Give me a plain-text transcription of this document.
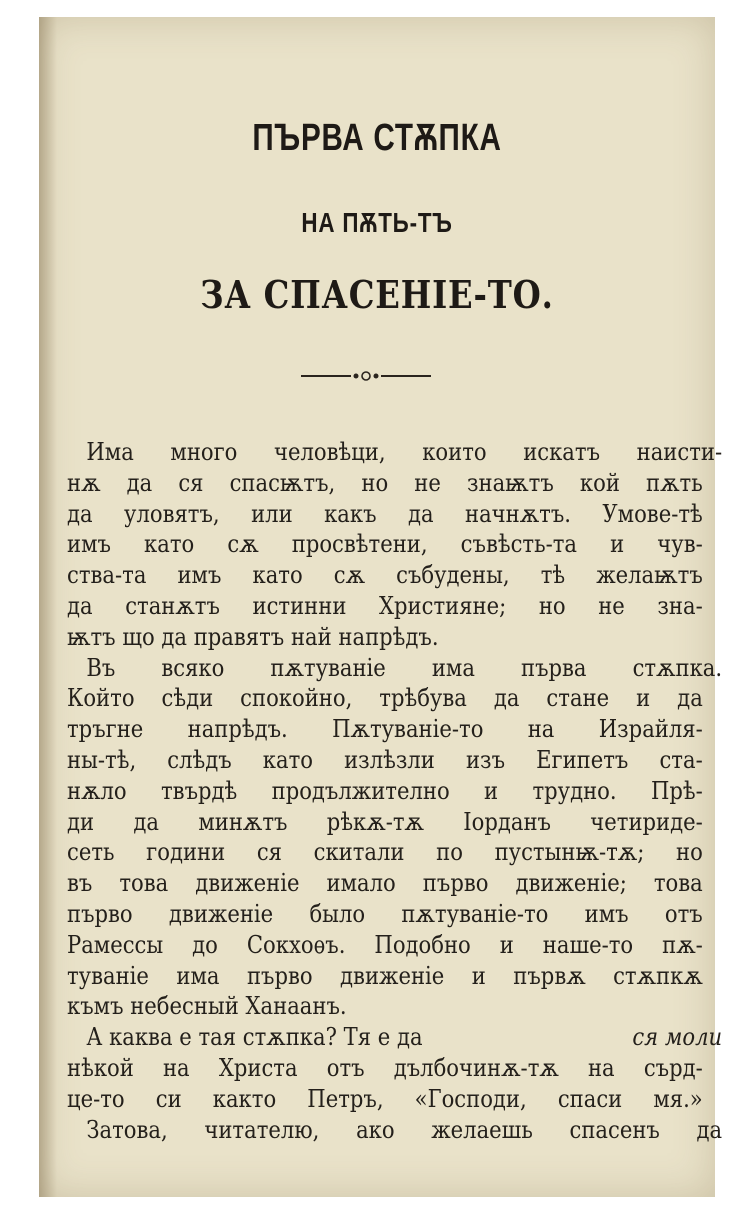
ПЪРВА СТѪПКА
НА ПѪТЬ-ТЪ
ЗА СПАСЕНІЕ-ТО.
Има много человѣци, които искатъ наисти-
нѫ да ся спасѭтъ, но не знаѭтъ кой пѫть
да уловятъ, или какъ да начнѫтъ. Умове-тѣ
имъ като сѫ просвѣтени, съвѣсть-та и чув-
ства-та имъ като сѫ събудены, тѣ желаѭтъ
да станѫтъ истинни Християне; но не зна-
ѭтъ що да правятъ най напрѣдъ.
Въ всяко пѫтуваніе има първа стѫпка.
Който сѣди спокойно, трѣбува да стане и да
тръгне напрѣдъ. Пѫтуваніе-то на Израйля-
ны-тѣ, слѣдъ като излѣзли изъ Египетъ ста-
нѫло твърдѣ продължително и трудно. Прѣ-
ди да минѫтъ рѣкѫ-тѫ Іорданъ четириде-
сеть години ся скитали по пустынѭ-тѫ; но
въ това движеніе имало първо движеніе; това
първо движеніе было пѫтуваніе-то имъ отъ
Рамессы до Сокхоѳъ. Подобно и наше-то пѫ-
туваніе има първо движеніе и първѫ стѫпкѫ
къмъ небесный Ханаанъ.
А каква е тая стѫпка? Тя е да
	ся моли
нѣкой на Христа отъ дълбочинѫ-тѫ на сърд-
це-то си както Петръ, «Господи, спаси мя.»
Затова, читателю, ако желаешь спасенъ да
